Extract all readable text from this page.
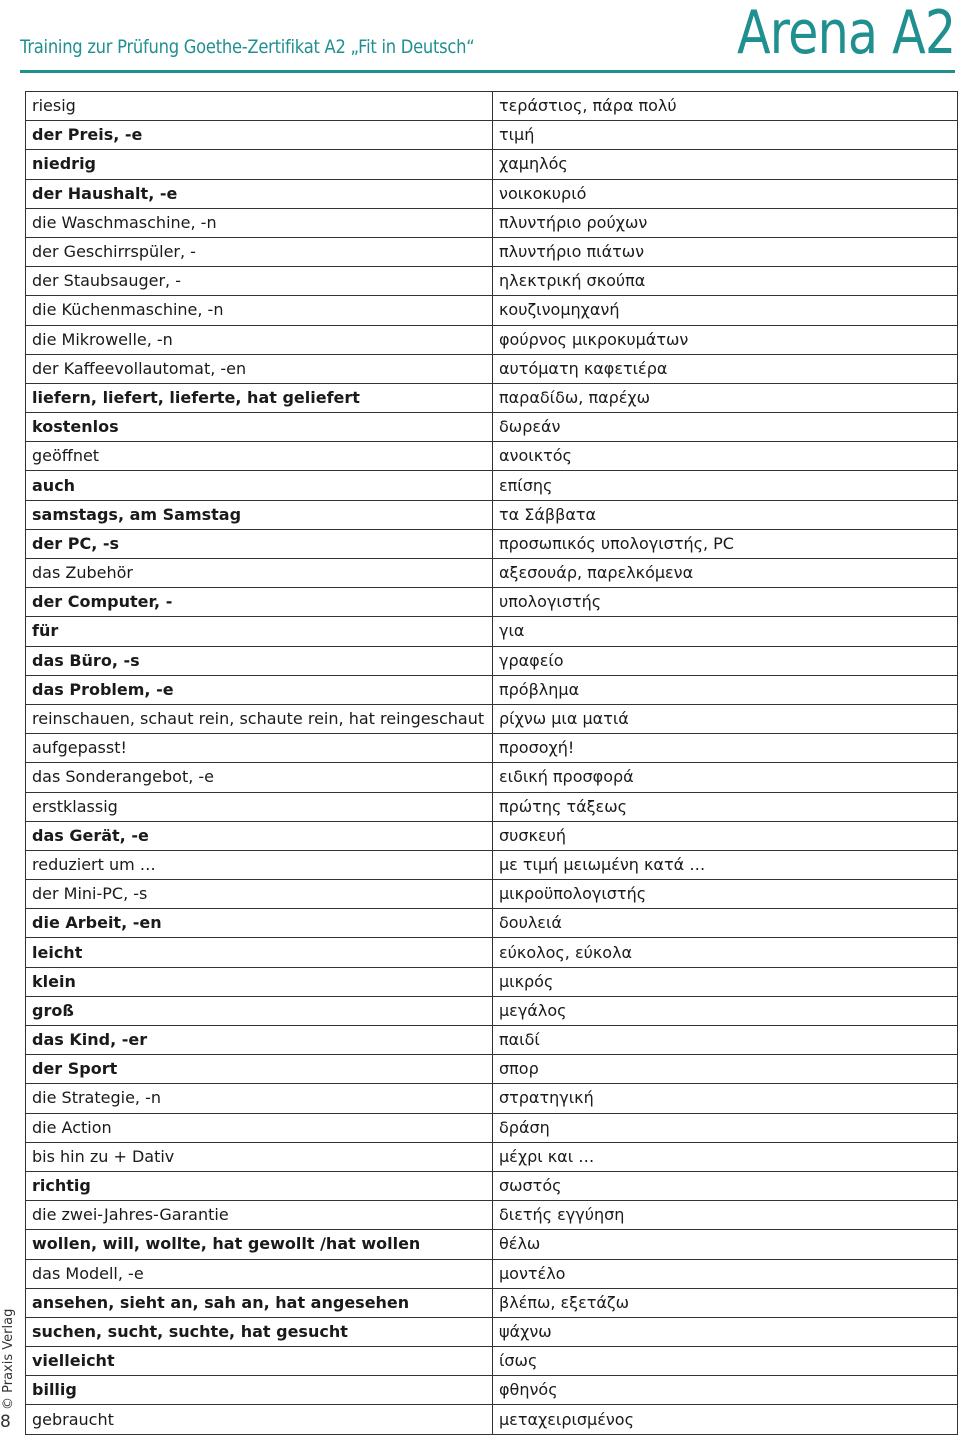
Training zur Prüfung Goethe-Zertifikat A2 „Fit in Deutsch“	Arena A2
riesig	τεράστιος, πάρα πολύ
der Preis, -e	τιμή
niedrig	χαμηλός
der Haushalt, -e	νοικοκυριό
die Waschmaschine, -n	πλυντήριο ρούχων
der Geschirrspüler, -	πλυντήριο πιάτων
der Staubsauger, -	ηλεκτρική σκούπα
die Küchenmaschine, -n	κουζινομηχανή
die Mikrowelle, -n	φούρνος μικροκυμάτων
der Kaffeevollautomat, -en	αυτόματη καφετιέρα
liefern, liefert, lieferte, hat geliefert	παραδίδω, παρέχω
kostenlos	δωρεάν
geöffnet	ανοικτός
auch	επίσης
samstags, am Samstag	τα Σάββατα
der PC, -s	προσωπικός υπολογιστής, PC
das Zubehör	αξεσουάρ, παρελκόμενα
der Computer, -	υπολογιστής
für	για
das Büro, -s	γραφείο
das Problem, -e	πρόβλημα
reinschauen, schaut rein, schaute rein, hat reingeschaut	ρίχνω μια ματιά
aufgepasst!	προσοχή!
das Sonderangebot, -e	ειδική προσφορά
erstklassig	πρώτης τάξεως
das Gerät, -e	συσκευή
reduziert um …	με τιμή μειωμένη κατά …
der Mini-PC, -s	μικροϋπολογιστής
die Arbeit, -en	δουλειά
leicht	εύκολος, εύκολα
klein	μικρός
groß	μεγάλος
das Kind, -er	παιδί
der Sport	σπορ
die Strategie, -n	στρατηγική
die Action	δράση
bis hin zu + Dativ	μέχρι και …
richtig	σωστός
die zwei-Jahres-Garantie	διετής εγγύηση
wollen, will, wollte, hat gewollt /hat wollen	θέλω
das Modell, -e	μοντέλο
ansehen, sieht an, sah an, hat angesehen	βλέπω, εξετάζω
suchen, sucht, suchte, hat gesucht	ψάχνω
vielleicht	ίσως
billig	φθηνός
gebraucht	μεταχειρισμένος
© Praxis Verlag
8
